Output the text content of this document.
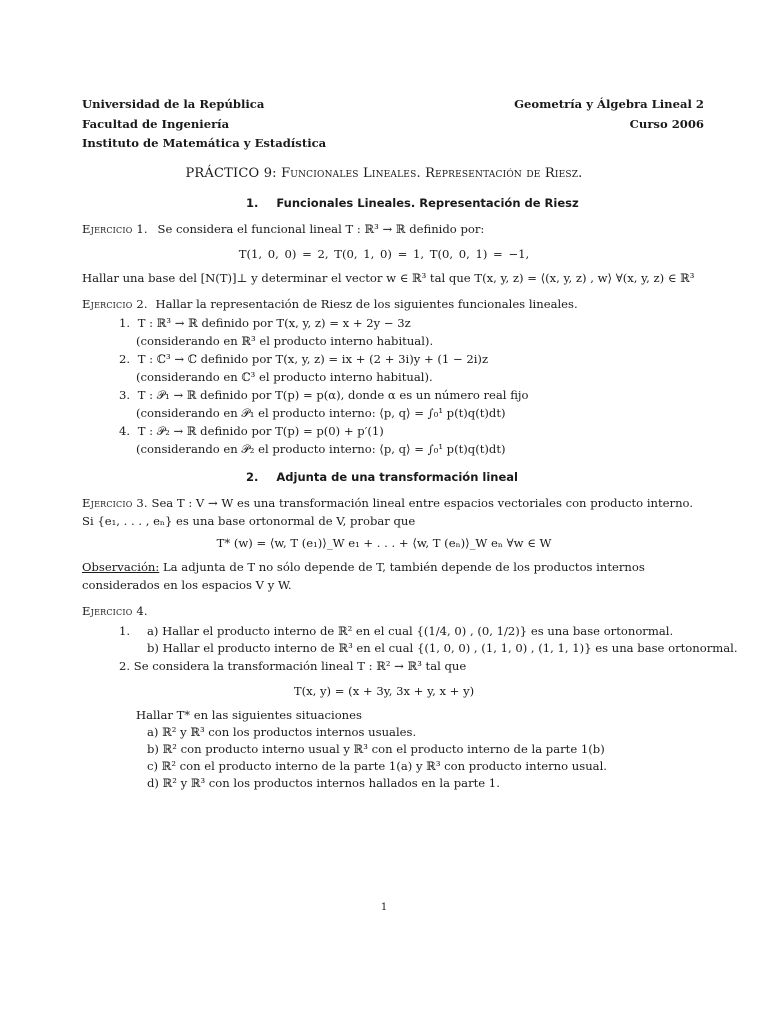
Universidad de la República
Facultad de Ingeniería
Instituto de Matemática y Estadística
Geometría y Álgebra Lineal 2
Curso 2006
PRÁCTICO 9: Funcionales Lineales. Representación de Riesz.
1. Funcionales Lineales. Representación de Riesz
Ejercicio 1. Se considera el funcional lineal T : ℝ³ → ℝ definido por:
T(1, 0, 0) = 2, T(0, 1, 0) = 1, T(0, 0, 1) = −1,
Hallar una base del [N(T)]⊥ y determinar el vector w ∈ ℝ³ tal que T(x, y, z) = ⟨(x, y, z) , w⟩ ∀(x, y, z) ∈ ℝ³
Ejercicio 2. Hallar la representación de Riesz de los siguientes funcionales lineales.
1. T : ℝ³ → ℝ definido por T(x, y, z) = x + 2y − 3z
(considerando en ℝ³ el producto interno habitual).
2. T : ℂ³ → ℂ definido por T(x, y, z) = ix + (2 + 3i)y + (1 − 2i)z
(considerando en ℂ³ el producto interno habitual).
3. T : 𝒫₁ → ℝ definido por T(p) = p(α), donde α es un número real fijo
(considerando en 𝒫₁ el producto interno: ⟨p, q⟩ = ∫₀¹ p(t)q(t)dt)
4. T : 𝒫₂ → ℝ definido por T(p) = p(0) + p′(1)
(considerando en 𝒫₂ el producto interno: ⟨p, q⟩ = ∫₀¹ p(t)q(t)dt)
2. Adjunta de una transformación lineal
Ejercicio 3. Sea T : V → W es una transformación lineal entre espacios vectoriales con producto interno. Si {e₁, . . . , eₙ} es una base ortonormal de V, probar que
T* (w) = ⟨w, T (e₁)⟩_W e₁ + . . . + ⟨w, T (eₙ)⟩_W eₙ ∀w ∈ W
Observación: La adjunta de T no sólo depende de T, también depende de los productos internos considerados en los espacios V y W.
Ejercicio 4.
1. a) Hallar el producto interno de ℝ² en el cual {(1/4, 0) , (0, 1/2)} es una base ortonormal.
b) Hallar el producto interno de ℝ³ en el cual {(1, 0, 0) , (1, 1, 0) , (1, 1, 1)} es una base ortonormal.
2. Se considera la transformación lineal T : ℝ² → ℝ³ tal que
T(x, y) = (x + 3y, 3x + y, x + y)
Hallar T* en las siguientes situaciones
a) ℝ² y ℝ³ con los productos internos usuales.
b) ℝ² con producto interno usual y ℝ³ con el producto interno de la parte 1(b)
c) ℝ² con el producto interno de la parte 1(a) y ℝ³ con producto interno usual.
d) ℝ² y ℝ³ con los productos internos hallados en la parte 1.
1
